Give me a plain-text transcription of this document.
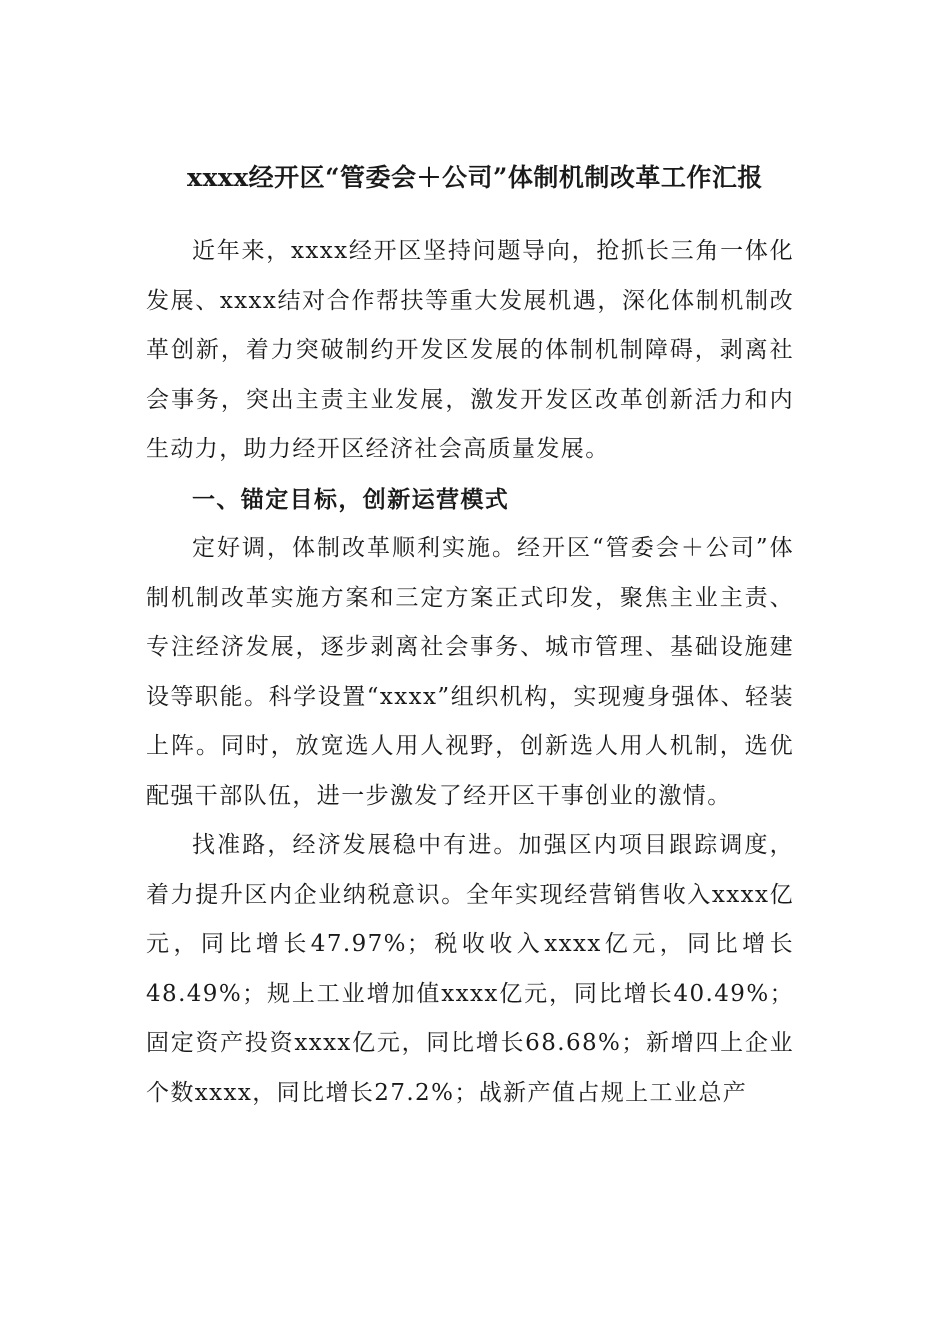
xxxx经开区“管委会＋公司”体制机制改革工作汇报

近年来，xxxx经开区坚持问题导向，抢抓长三角一体化发展、xxxx结对合作帮扶等重大发展机遇，深化体制机制改革创新，着力突破制约开发区发展的体制机制障碍，剥离社会事务，突出主责主业发展，激发开发区改革创新活力和内生动力，助力经开区经济社会高质量发展。

一、锚定目标，创新运营模式

定好调，体制改革顺利实施。经开区“管委会＋公司”体制机制改革实施方案和三定方案正式印发，聚焦主业主责、专注经济发展，逐步剥离社会事务、城市管理、基础设施建设等职能。科学设置“xxxx”组织机构，实现瘦身强体、轻装上阵。同时，放宽选人用人视野，创新选人用人机制，选优配强干部队伍，进一步激发了经开区干事创业的激情。

找准路，经济发展稳中有进。加强区内项目跟踪调度，着力提升区内企业纳税意识。全年实现经营销售收入xxxx亿元，同比增长47.97%；税收收入xxxx亿元，同比增长48.49%；规上工业增加值xxxx亿元，同比增长40.49%；固定资产投资xxxx亿元，同比增长68.68%；新增四上企业个数xxxx，同比增长27.2%；战新产值占规上工业总产
